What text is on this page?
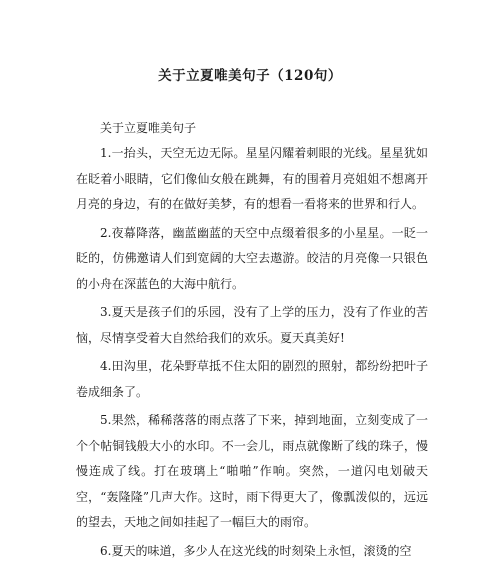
关于立夏唯美句子（120句）

关于立夏唯美句子

1.一抬头，天空无边无际。星星闪耀着刺眼的光线。星星犹如在眨着小眼睛，它们像仙女般在跳舞，有的围着月亮姐姐不想离开月亮的身边，有的在做好美梦，有的想看一看将来的世界和行人。

2.夜幕降落，幽蓝幽蓝的天空中点缀着很多的小星星。一眨一眨的，仿佛邀请人们到宽阔的大空去遨游。皎洁的月亮像一只银色的小舟在深蓝色的大海中航行。

3.夏天是孩子们的乐园，没有了上学的压力，没有了作业的苦恼，尽情享受着大自然给我们的欢乐。夏天真美好!

4.田沟里，花朵野草抵不住太阳的剧烈的照射，都纷纷把叶子卷成细条了。

5.果然，稀稀落落的雨点落了下来，掉到地面，立刻变成了一个个帖铜钱般大小的水印。不一会儿，雨点就像断了线的珠子，慢慢连成了线。打在玻璃上“啪啪”作响。突然，一道闪电划破天空，“轰隆隆”几声大作。这时，雨下得更大了，像瓢泼似的，远远的望去，天地之间如挂起了一幅巨大的雨帘。

6.夏天的味道，多少人在这光线的时刻染上永恒，滚烫的空
